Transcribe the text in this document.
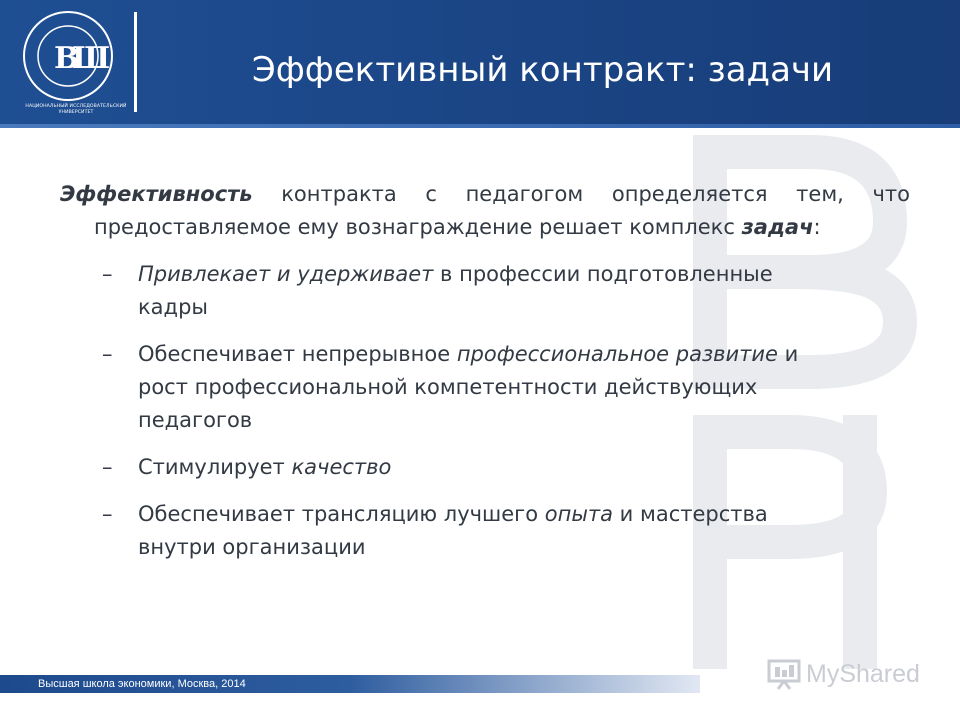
В
Ш
НАЦИОНАЛЬНЫЙ ИССЛЕДОВАТЕЛЬСКИЙ
УНИВЕРСИТЕТ
Эффективный контракт: задачи

Эффективность контракта с педагогом определяется тем, что предоставляемое ему вознаграждение решает комплекс задач:

– Привлекает и удерживает в профессии подготовленные кадры
– Обеспечивает непрерывное профессиональное развитие и рост профессиональной компетентности действующих педагогов
– Стимулирует качество
– Обеспечивает трансляцию лучшего опыта и мастерства внутри организации
Высшая школа экономики, Москва, 2014	MyShared
